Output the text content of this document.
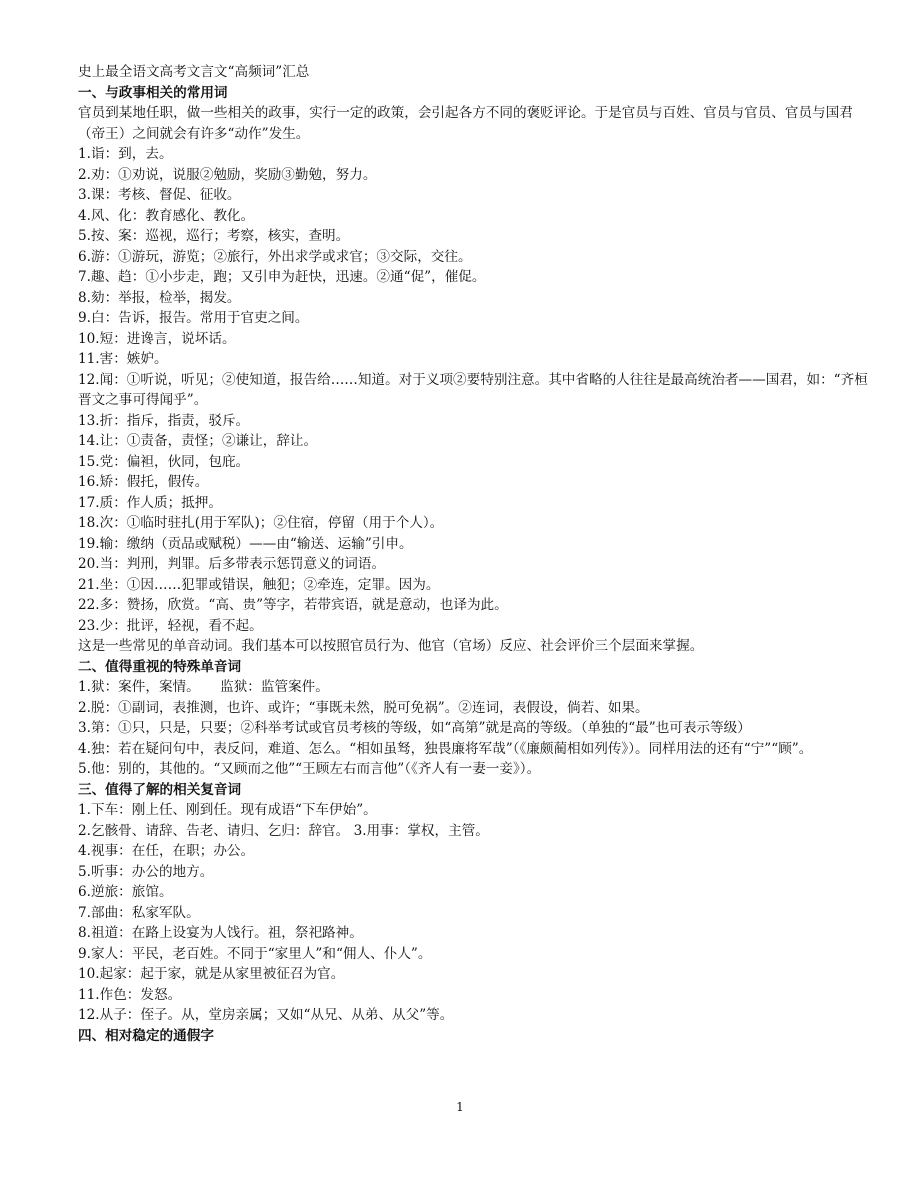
史上最全语文高考文言文“高频词”汇总

一、与政事相关的常用词

官员到某地任职，做一些相关的政事，实行一定的政策，会引起各方不同的褒贬评论。于是官员与百姓、官员与官员、官员与国君（帝王）之间就会有许多“动作”发生。

1.诣：到，去。

2.劝：①劝说，说服②勉励，奖励③勤勉，努力。

3.课：考核、督促、征收。

4.风、化：教育感化、教化。

5.按、案：巡视，巡行；考察，核实，查明。

6.游：①游玩，游览；②旅行，外出求学或求官；③交际，交往。

7.趣、趋：①小步走，跑；又引申为赶快，迅速。②通“促”，催促。

8.劾：举报，检举，揭发。

9.白：告诉，报告。常用于官吏之间。

10.短：进谗言，说坏话。

11.害：嫉妒。

12.闻：①听说，听见；②使知道，报告给……知道。对于义项②要特别注意。其中省略的人往往是最高统治者——国君，如：“齐桓晋文之事可得闻乎”。

13.折：指斥，指责，驳斥。

14.让：①责备，责怪；②谦让，辞让。

15.党：偏袒，伙同，包庇。

16.矫：假托，假传。

17.质：作人质；抵押。

18.次：①临时驻扎(用于军队)；②住宿，停留（用于个人）。

19.输：缴纳（贡品或赋税）——由“输送、运输”引申。

20.当：判刑，判罪。后多带表示惩罚意义的词语。

21.坐：①因……犯罪或错误，触犯；②牵连，定罪。因为。

22.多：赞扬，欣赏。“高、贵”等字，若带宾语，就是意动，也译为此。

23.少：批评，轻视，看不起。

这是一些常见的单音动词。我们基本可以按照官员行为、他官（官场）反应、社会评价三个层面来掌握。

二、值得重视的特殊单音词

1.狱：案件，案情。　　监狱：监管案件。

2.脱：①副词，表推测，也许、或许；“事既未然，脱可免祸”。②连词，表假设，倘若、如果。

3.第：①只，只是，只要；②科举考试或官员考核的等级，如“高第”就是高的等级。（单独的“最”也可表示等级）

4.独：若在疑问句中，表反问，难道、怎么。“相如虽驽，独畏廉将军哉”（《廉颇蔺相如列传》）。同样用法的还有“宁”“顾”。

5.他：别的，其他的。“又顾而之他”“王顾左右而言他”（《齐人有一妻一妾》）。

三、值得了解的相关复音词

1.下车：刚上任、刚到任。现有成语“下车伊始”。

2.乞骸骨、请辞、告老、请归、乞归：辞官。 3.用事：掌权，主管。

4.视事：在任，在职；办公。

5.听事：办公的地方。

6.逆旅：旅馆。

7.部曲：私家军队。

8.祖道：在路上设宴为人饯行。祖，祭祀路神。

9.家人：平民，老百姓。不同于“家里人”和“佣人、仆人”。

10.起家：起于家，就是从家里被征召为官。

11.作色：发怒。

12.从子：侄子。从，堂房亲属；又如“从兄、从弟、从父”等。

四、相对稳定的通假字

1
